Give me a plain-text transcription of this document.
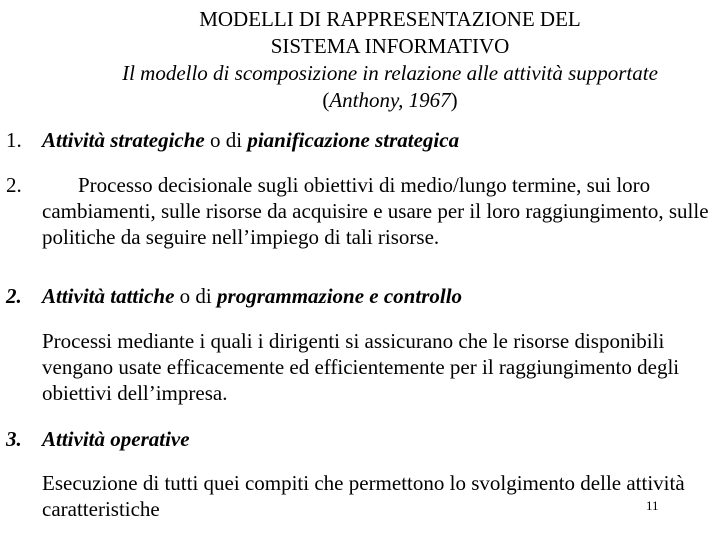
MODELLI DI RAPPRESENTAZIONE DEL
SISTEMA INFORMATIVO
Il modello di scomposizione in relazione alle attività supportate
(Anthony, 1967)
1. Attività strategiche o di pianificazione strategica
2.	Processo decisionale sugli obiettivi di medio/lungo termine, sui loro cambiamenti, sulle risorse da acquisire e usare per il loro raggiungimento, sulle politiche da seguire nell’impiego di tali risorse.
2. Attività tattiche o di programmazione e controllo
Processi mediante i quali i dirigenti si assicurano che le risorse disponibili vengano usate efficacemente ed efficientemente per il raggiungimento degli obiettivi dell’impresa.
3. Attività operative
Esecuzione di tutti quei compiti che permettono lo svolgimento delle attività caratteristiche	11
